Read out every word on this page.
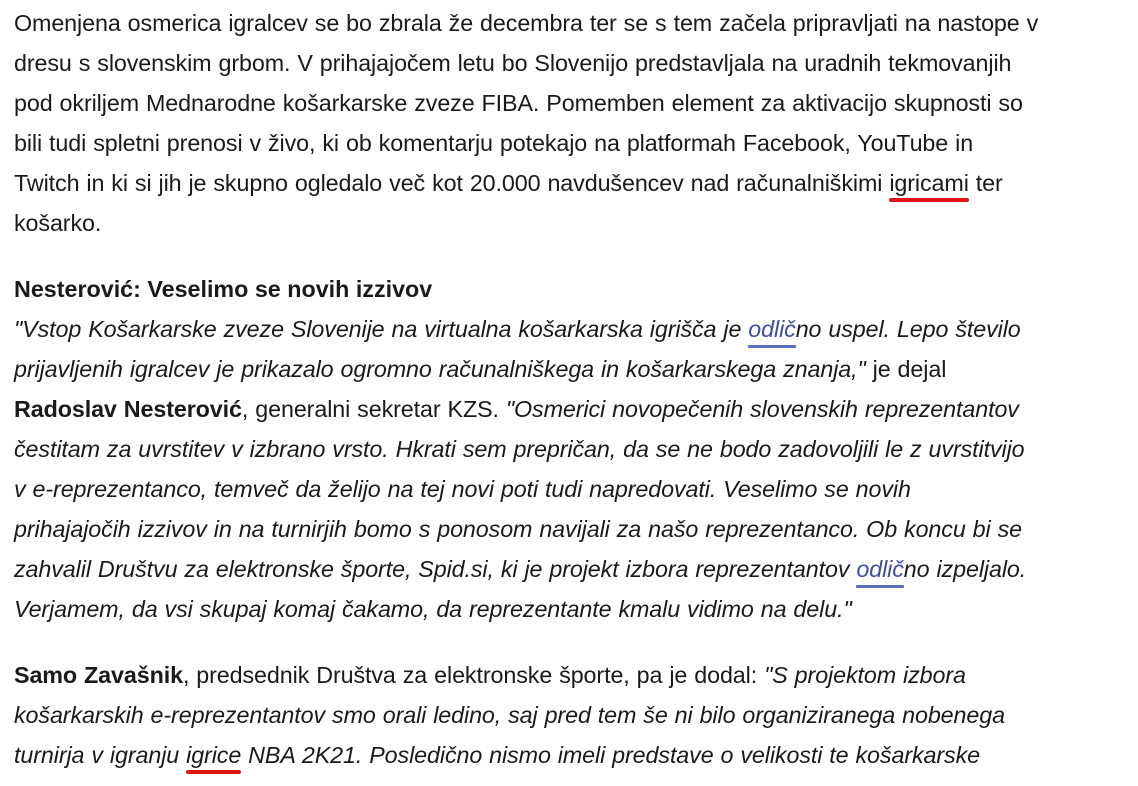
Omenjena osmerica igralcev se bo zbrala že decembra ter se s tem začela pripravljati na nastope v
dresu s slovenskim grbom. V prihajajočem letu bo Slovenijo predstavljala na uradnih tekmovanjih
pod okriljem Mednarodne košarkarske zveze FIBA. Pomemben element za aktivacijo skupnosti so
bili tudi spletni prenosi v živo, ki ob komentarju potekajo na platformah Facebook, YouTube in
Twitch in ki si jih je skupno ogledalo več kot 20.000 navdušencev nad računalniškimi igricami ter
košarko.

Nesterović: Veselimo se novih izzivov

"Vstop Košarkarske zveze Slovenije na virtualna košarkarska igrišča je odlično uspel. Lepo število
prijavljenih igralcev je prikazalo ogromno računalniškega in košarkarskega znanja," je dejal
Radoslav Nesterović, generalni sekretar KZS. "Osmerici novopečenih slovenskih reprezentantov
čestitam za uvrstitev v izbrano vrsto. Hkrati sem prepričan, da se ne bodo zadovoljili le z uvrstitvijo
v e-reprezentanco, temveč da želijo na tej novi poti tudi napredovati. Veselimo se novih
prihajajočih izzivov in na turnirjih bomo s ponosom navijali za našo reprezentanco. Ob koncu bi se
zahvalil Društvu za elektronske športe, Spid.si, ki je projekt izbora reprezentantov odlično izpeljalo.
Verjamem, da vsi skupaj komaj čakamo, da reprezentante kmalu vidimo na delu."

Samo Zavašnik, predsednik Društva za elektronske športe, pa je dodal: "S projektom izbora
košarkarskih e-reprezentantov smo orali ledino, saj pred tem še ni bilo organiziranega nobenega
turnirja v igranju igrice NBA 2K21. Posledično nismo imeli predstave o velikosti te košarkarske
